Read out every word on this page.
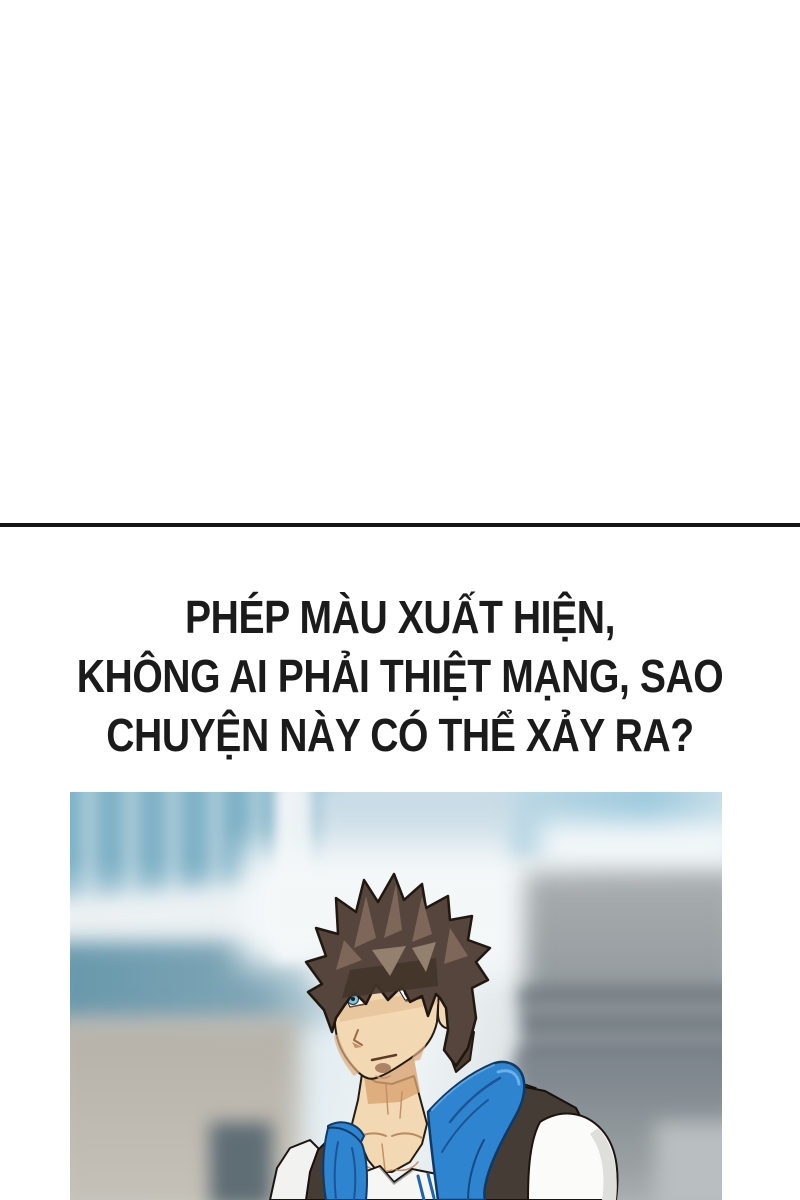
PHÉP MÀU XUẤT HIỆN,
KHÔNG AI PHẢI THIỆT MẠNG, SAO
CHUYỆN NÀY CÓ THỂ XẢY RA?
